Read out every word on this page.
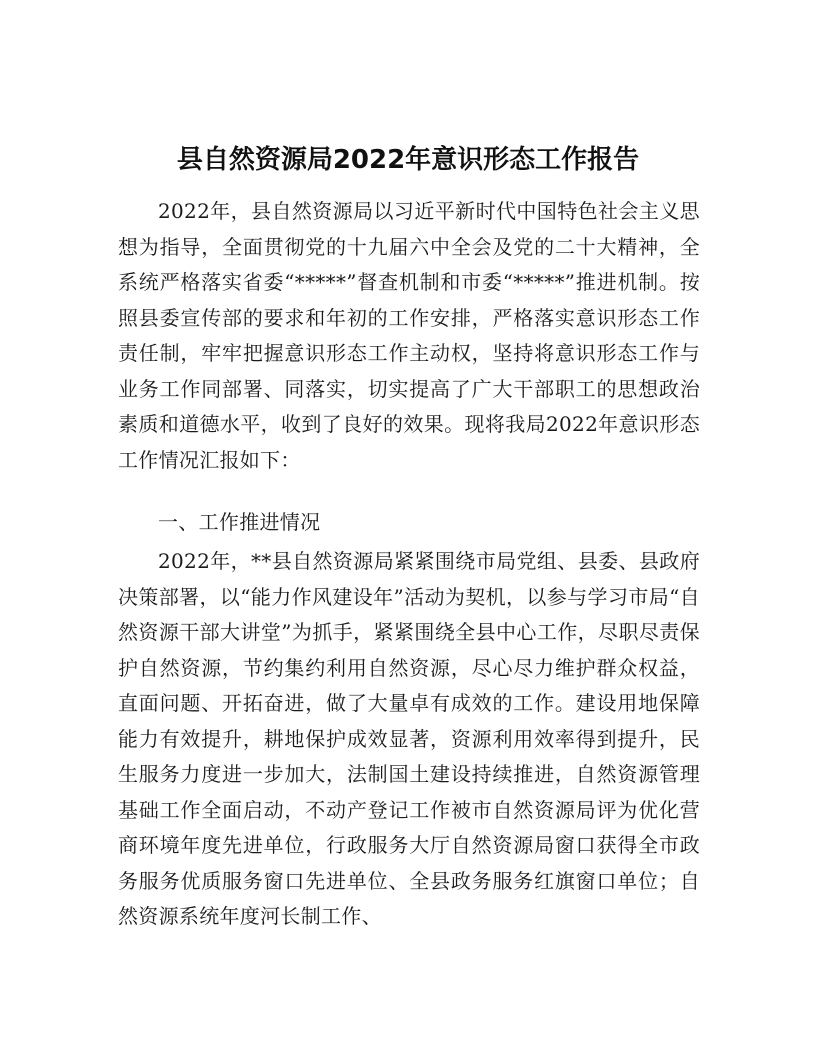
县自然资源局2022年意识形态工作报告

2022年，县自然资源局以习近平新时代中国特色社会主义思想为指导，全面贯彻党的十九届六中全会及党的二十大精神，全系统严格落实省委“*****”督查机制和市委“*****”推进机制。按照县委宣传部的要求和年初的工作安排，严格落实意识形态工作责任制，牢牢把握意识形态工作主动权，坚持将意识形态工作与业务工作同部署、同落实，切实提高了广大干部职工的思想政治素质和道德水平，收到了良好的效果。现将我局2022年意识形态工作情况汇报如下：

一、工作推进情况

2022年，**县自然资源局紧紧围绕市局党组、县委、县政府决策部署，以“能力作风建设年”活动为契机，以参与学习市局“自然资源干部大讲堂”为抓手，紧紧围绕全县中心工作，尽职尽责保护自然资源，节约集约利用自然资源，尽心尽力维护群众权益，直面问题、开拓奋进，做了大量卓有成效的工作。建设用地保障能力有效提升，耕地保护成效显著，资源利用效率得到提升，民生服务力度进一步加大，法制国土建设持续推进，自然资源管理基础工作全面启动，不动产登记工作被市自然资源局评为优化营商环境年度先进单位，行政服务大厅自然资源局窗口获得全市政务服务优质服务窗口先进单位、全县政务服务红旗窗口单位；自然资源系统年度河长制工作、
